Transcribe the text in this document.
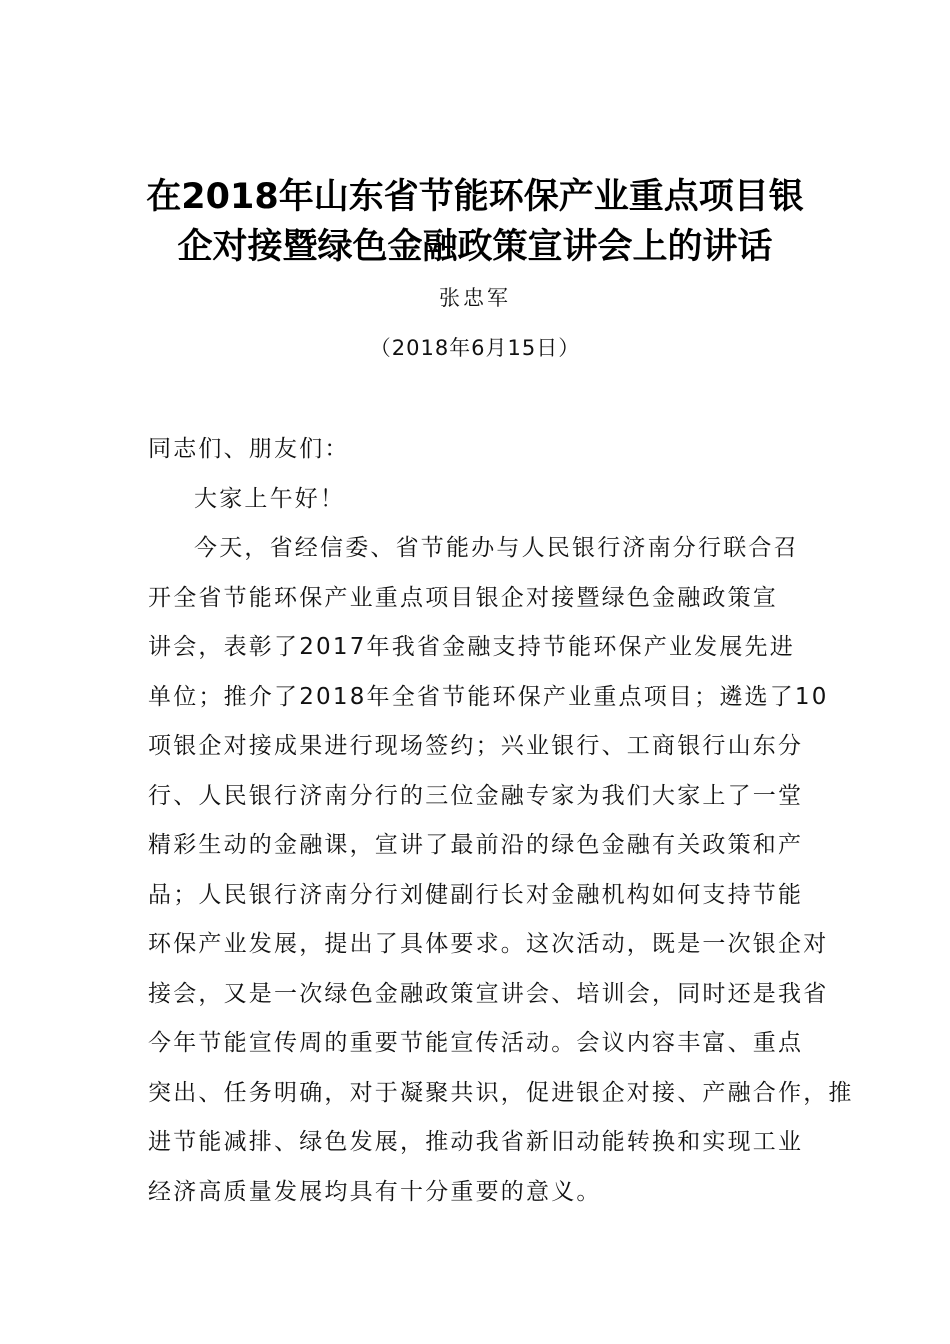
在2018年山东省节能环保产业重点项目银
企对接暨绿色金融政策宣讲会上的讲话
张忠军
（2018年6月15日）
同志们、朋友们：
大家上午好！
今天，省经信委、省节能办与人民银行济南分行联合召
开全省节能环保产业重点项目银企对接暨绿色金融政策宣
讲会，表彰了2017年我省金融支持节能环保产业发展先进
单位；推介了2018年全省节能环保产业重点项目；遴选了10
项银企对接成果进行现场签约；兴业银行、工商银行山东分
行、人民银行济南分行的三位金融专家为我们大家上了一堂
精彩生动的金融课，宣讲了最前沿的绿色金融有关政策和产
品；人民银行济南分行刘健副行长对金融机构如何支持节能
环保产业发展，提出了具体要求。这次活动，既是一次银企对
接会，又是一次绿色金融政策宣讲会、培训会，同时还是我省
今年节能宣传周的重要节能宣传活动。会议内容丰富、重点
突出、任务明确，对于凝聚共识，促进银企对接、产融合作，推
进节能减排、绿色发展，推动我省新旧动能转换和实现工业
经济高质量发展均具有十分重要的意义。
